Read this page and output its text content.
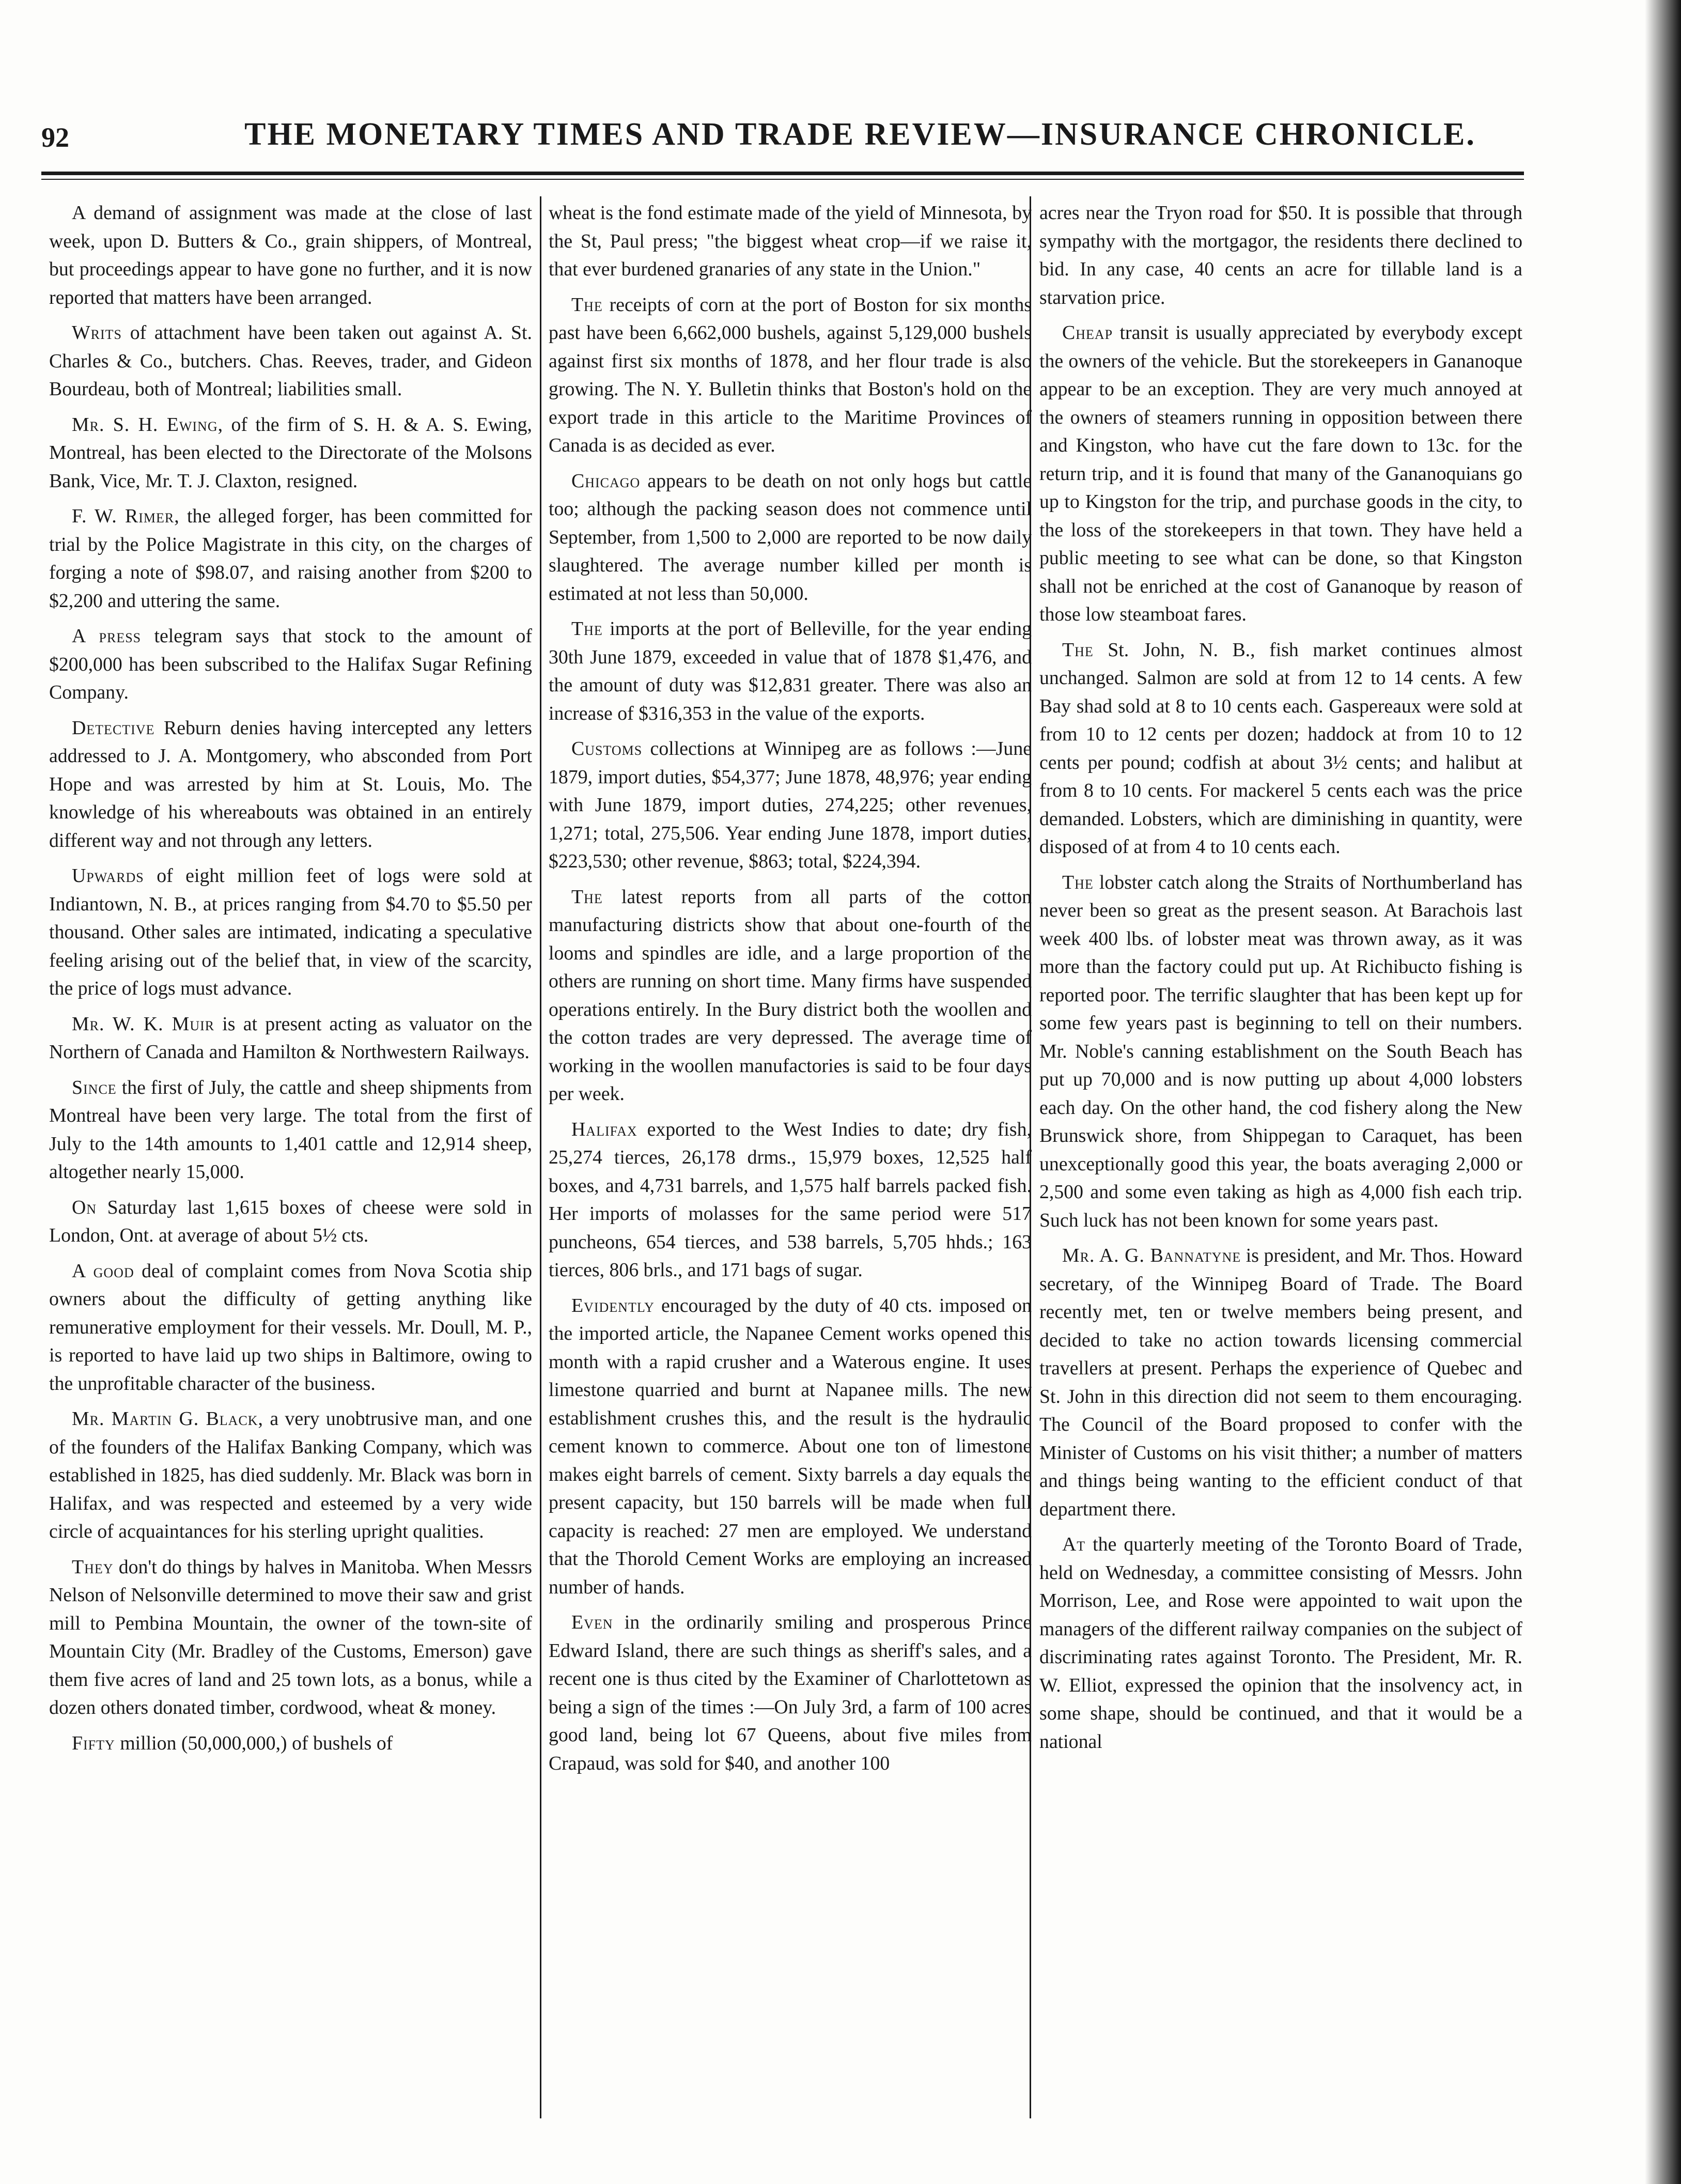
92	THE MONETARY TIMES AND TRADE REVIEW—INSURANCE CHRONICLE.

A demand of assignment was made at the close of last week, upon D. Butters & Co., grain shippers, of Montreal, but proceedings appear to have gone no further, and it is now reported that matters have been arranged.

Writs of attachment have been taken out against A. St. Charles & Co., butchers. Chas. Reeves, trader, and Gideon Bourdeau, both of Montreal; liabilities small.

Mr. S. H. Ewing, of the firm of S. H. & A. S. Ewing, Montreal, has been elected to the Directorate of the Molsons Bank, Vice, Mr. T. J. Claxton, resigned.

F. W. Rimer, the alleged forger, has been committed for trial by the Police Magistrate in this city, on the charges of forging a note of $98.07, and raising another from $200 to $2,200 and uttering the same.

A press telegram says that stock to the amount of $200,000 has been subscribed to the Halifax Sugar Refining Company.

Detective Reburn denies having intercepted any letters addressed to J. A. Montgomery, who absconded from Port Hope and was arrested by him at St. Louis, Mo. The knowledge of his whereabouts was obtained in an entirely different way and not through any letters.

Upwards of eight million feet of logs were sold at Indiantown, N. B., at prices ranging from $4.70 to $5.50 per thousand. Other sales are intimated, indicating a speculative feeling arising out of the belief that, in view of the scarcity, the price of logs must advance.

Mr. W. K. Muir is at present acting as valuator on the Northern of Canada and Hamilton & Northwestern Railways.

Since the first of July, the cattle and sheep shipments from Montreal have been very large. The total from the first of July to the 14th amounts to 1,401 cattle and 12,914 sheep, altogether nearly 15,000.

On Saturday last 1,615 boxes of cheese were sold in London, Ont. at average of about 5½ cts.

A good deal of complaint comes from Nova Scotia ship owners about the difficulty of getting anything like remunerative employment for their vessels. Mr. Doull, M. P., is reported to have laid up two ships in Baltimore, owing to the unprofitable character of the business.

Mr. Martin G. Black, a very unobtrusive man, and one of the founders of the Halifax Banking Company, which was established in 1825, has died suddenly. Mr. Black was born in Halifax, and was respected and esteemed by a very wide circle of acquaintances for his sterling upright qualities.

They don't do things by halves in Manitoba. When Messrs Nelson of Nelsonville determined to move their saw and grist mill to Pembina Mountain, the owner of the town-site of Mountain City (Mr. Bradley of the Customs, Emerson) gave them five acres of land and 25 town lots, as a bonus, while a dozen others donated timber, cordwood, wheat & money.

Fifty million (50,000,000,) of bushels of

wheat is the fond estimate made of the yield of Minnesota, by the St, Paul press; "the biggest wheat crop—if we raise it, that ever burdened granaries of any state in the Union."

The receipts of corn at the port of Boston for six months past have been 6,662,000 bushels, against 5,129,000 bushels against first six months of 1878, and her flour trade is also growing. The N. Y. Bulletin thinks that Boston's hold on the export trade in this article to the Maritime Provinces of Canada is as decided as ever.

Chicago appears to be death on not only hogs but cattle too; although the packing season does not commence until September, from 1,500 to 2,000 are reported to be now daily slaughtered. The average number killed per month is estimated at not less than 50,000.

The imports at the port of Belleville, for the year ending 30th June 1879, exceeded in value that of 1878 $1,476, and the amount of duty was $12,831 greater. There was also an increase of $316,353 in the value of the exports.

Customs collections at Winnipeg are as follows :—June 1879, import duties, $54,377; June 1878, 48,976; year ending with June 1879, import duties, 274,225; other revenues, 1,271; total, 275,506. Year ending June 1878, import duties, $223,530; other revenue, $863; total, $224,394.

The latest reports from all parts of the cotton manufacturing districts show that about one-fourth of the looms and spindles are idle, and a large proportion of the others are running on short time. Many firms have suspended operations entirely. In the Bury district both the woollen and the cotton trades are very depressed. The average time of working in the woollen manufactories is said to be four days per week.

Halifax exported to the West Indies to date; dry fish, 25,274 tierces, 26,178 drms., 15,979 boxes, 12,525 half boxes, and 4,731 barrels, and 1,575 half barrels packed fish. Her imports of molasses for the same period were 517 puncheons, 654 tierces, and 538 barrels, 5,705 hhds.; 163 tierces, 806 brls., and 171 bags of sugar.

Evidently encouraged by the duty of 40 cts. imposed on the imported article, the Napanee Cement works opened this month with a rapid crusher and a Waterous engine. It uses limestone quarried and burnt at Napanee mills. The new establishment crushes this, and the result is the hydraulic cement known to commerce. About one ton of limestone makes eight barrels of cement. Sixty barrels a day equals the present capacity, but 150 barrels will be made when full capacity is reached: 27 men are employed. We understand that the Thorold Cement Works are employing an increased number of hands.

Even in the ordinarily smiling and prosperous Prince Edward Island, there are such things as sheriff's sales, and a recent one is thus cited by the Examiner of Charlottetown as being a sign of the times :—On July 3rd, a farm of 100 acres good land, being lot 67 Queens, about five miles from Crapaud, was sold for $40, and another 100

acres near the Tryon road for $50. It is possible that through sympathy with the mortgagor, the residents there declined to bid. In any case, 40 cents an acre for tillable land is a starvation price.

Cheap transit is usually appreciated by everybody except the owners of the vehicle. But the storekeepers in Gananoque appear to be an exception. They are very much annoyed at the owners of steamers running in opposition between there and Kingston, who have cut the fare down to 13c. for the return trip, and it is found that many of the Gananoquians go up to Kingston for the trip, and purchase goods in the city, to the loss of the storekeepers in that town. They have held a public meeting to see what can be done, so that Kingston shall not be enriched at the cost of Gananoque by reason of those low steamboat fares.

The St. John, N. B., fish market continues almost unchanged. Salmon are sold at from 12 to 14 cents. A few Bay shad sold at 8 to 10 cents each. Gaspereaux were sold at from 10 to 12 cents per dozen; haddock at from 10 to 12 cents per pound; codfish at about 3½ cents; and halibut at from 8 to 10 cents. For mackerel 5 cents each was the price demanded. Lobsters, which are diminishing in quantity, were disposed of at from 4 to 10 cents each.

The lobster catch along the Straits of Northumberland has never been so great as the present season. At Barachois last week 400 lbs. of lobster meat was thrown away, as it was more than the factory could put up. At Richibucto fishing is reported poor. The terrific slaughter that has been kept up for some few years past is beginning to tell on their numbers. Mr. Noble's canning establishment on the South Beach has put up 70,000 and is now putting up about 4,000 lobsters each day. On the other hand, the cod fishery along the New Brunswick shore, from Shippegan to Caraquet, has been unexceptionally good this year, the boats averaging 2,000 or 2,500 and some even taking as high as 4,000 fish each trip. Such luck has not been known for some years past.

Mr. A. G. Bannatyne is president, and Mr. Thos. Howard secretary, of the Winnipeg Board of Trade. The Board recently met, ten or twelve members being present, and decided to take no action towards licensing commercial travellers at present. Perhaps the experience of Quebec and St. John in this direction did not seem to them encouraging. The Council of the Board proposed to confer with the Minister of Customs on his visit thither; a number of matters and things being wanting to the efficient conduct of that department there.

At the quarterly meeting of the Toronto Board of Trade, held on Wednesday, a committee consisting of Messrs. John Morrison, Lee, and Rose were appointed to wait upon the managers of the different railway companies on the subject of discriminating rates against Toronto. The President, Mr. R. W. Elliot, expressed the opinion that the insolvency act, in some shape, should be continued, and that it would be a national
